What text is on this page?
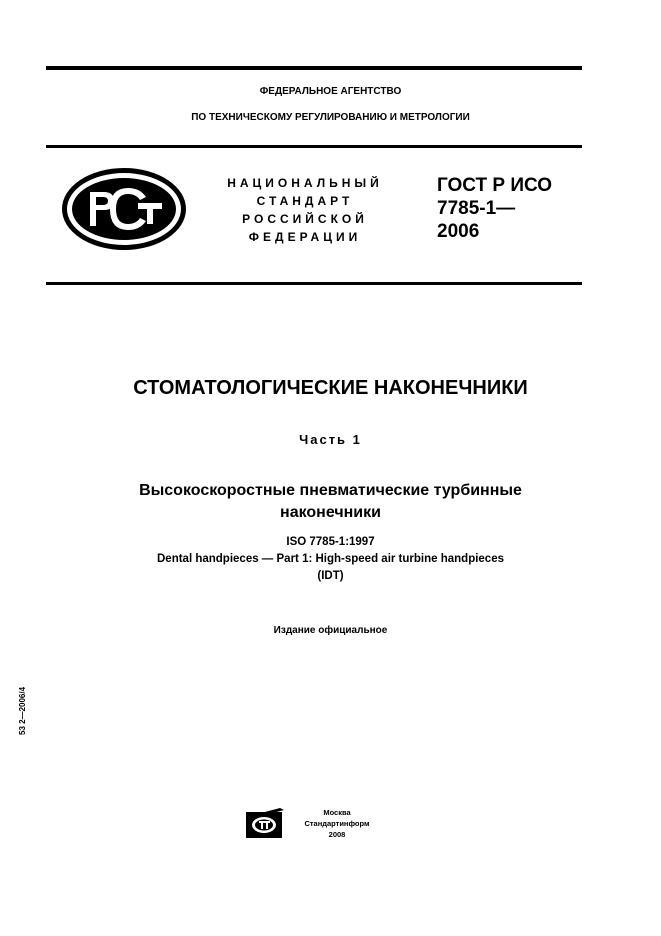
ФЕДЕРАЛЬНОЕ АГЕНТСТВО
ПО ТЕХНИЧЕСКОМУ РЕГУЛИРОВАНИЮ И МЕТРОЛОГИИ
НАЦИОНАЛЬНЫЙ
СТАНДАРТ
РОССИЙСКОЙ
ФЕДЕРАЦИИ
ГОСТ Р ИСО
7785-1—
2006
СТОМАТОЛОГИЧЕСКИЕ НАКОНЕЧНИКИ
Часть 1
Высокоскоростные пневматические турбинные
наконечники
ISO 7785-1:1997
Dental handpieces — Part 1: High-speed air turbine handpieces
(IDT)
Издание официальное
53 2—2006/4
Москва
Стандартинформ
2008
